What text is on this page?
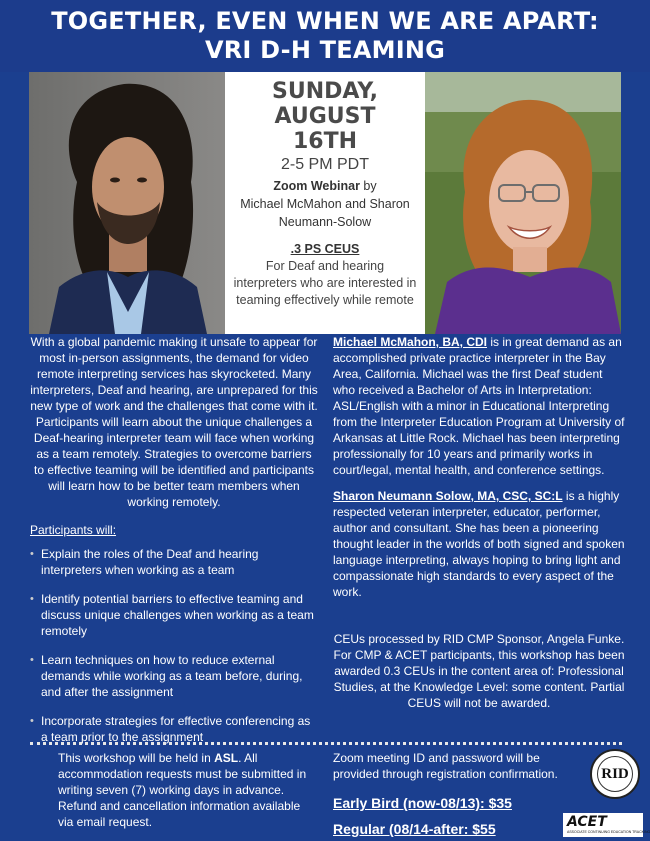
TOGETHER, EVEN WHEN WE ARE APART:
VRI D-H TEAMING
SUNDAY,
AUGUST
16TH
2-5 PM PDT
Zoom Webinar by
Michael McMahon and Sharon Neumann-Solow
.3 PS CEUS
For Deaf and hearing interpreters who are interested in teaming effectively while remote

With a global pandemic making it unsafe to appear for most in-person assignments, the demand for video remote interpreting services has skyrocketed. Many interpreters, Deaf and hearing, are unprepared for this new type of work and the challenges that come with it. Participants will learn about the unique challenges a Deaf-hearing interpreter team will face when working as a team remotely. Strategies to overcome barriers to effective teaming will be identified and participants will learn how to be better team members when working remotely.

Participants will:

• Explain the roles of the Deaf and hearing interpreters when working as a team
• Identify potential barriers to effective teaming and discuss unique challenges when working as a team remotely
• Learn techniques on how to reduce external demands while working as a team before, during, and after the assignment
• Incorporate strategies for effective conferencing as a team prior to the assignment

Michael McMahon, BA, CDI is in great demand as an accomplished private practice interpreter in the Bay Area, California. Michael was the first Deaf student who received a Bachelor of Arts in Interpretation: ASL/English with a minor in Educational Interpreting from the Interpreter Education Program at University of Arkansas at Little Rock. Michael has been interpreting professionally for 10 years and primarily works in court/legal, mental health, and conference settings.

Sharon Neumann Solow, MA, CSC, SC:L is a highly respected veteran interpreter, educator, performer, author and consultant. She has been a pioneering thought leader in the worlds of both signed and spoken language interpreting, always hoping to bring light and compassionate high standards to every aspect of the work.

CEUs processed by RID CMP Sponsor, Angela Funke. For CMP & ACET participants, this workshop has been awarded 0.3 CEUs in the content area of: Professional Studies, at the Knowledge Level: some content. Partial CEUS will not be awarded.

This workshop will be held in ASL. All accommodation requests must be submitted in writing seven (7) working days in advance. Refund and cancellation information available via email request.

Zoom meeting ID and password will be provided through registration confirmation.

Early Bird (now-08/13): $35

Regular (08/14-after: $55

RID
ACET
ASSOCIATE CONTINUING EDUCATION TRACKING
